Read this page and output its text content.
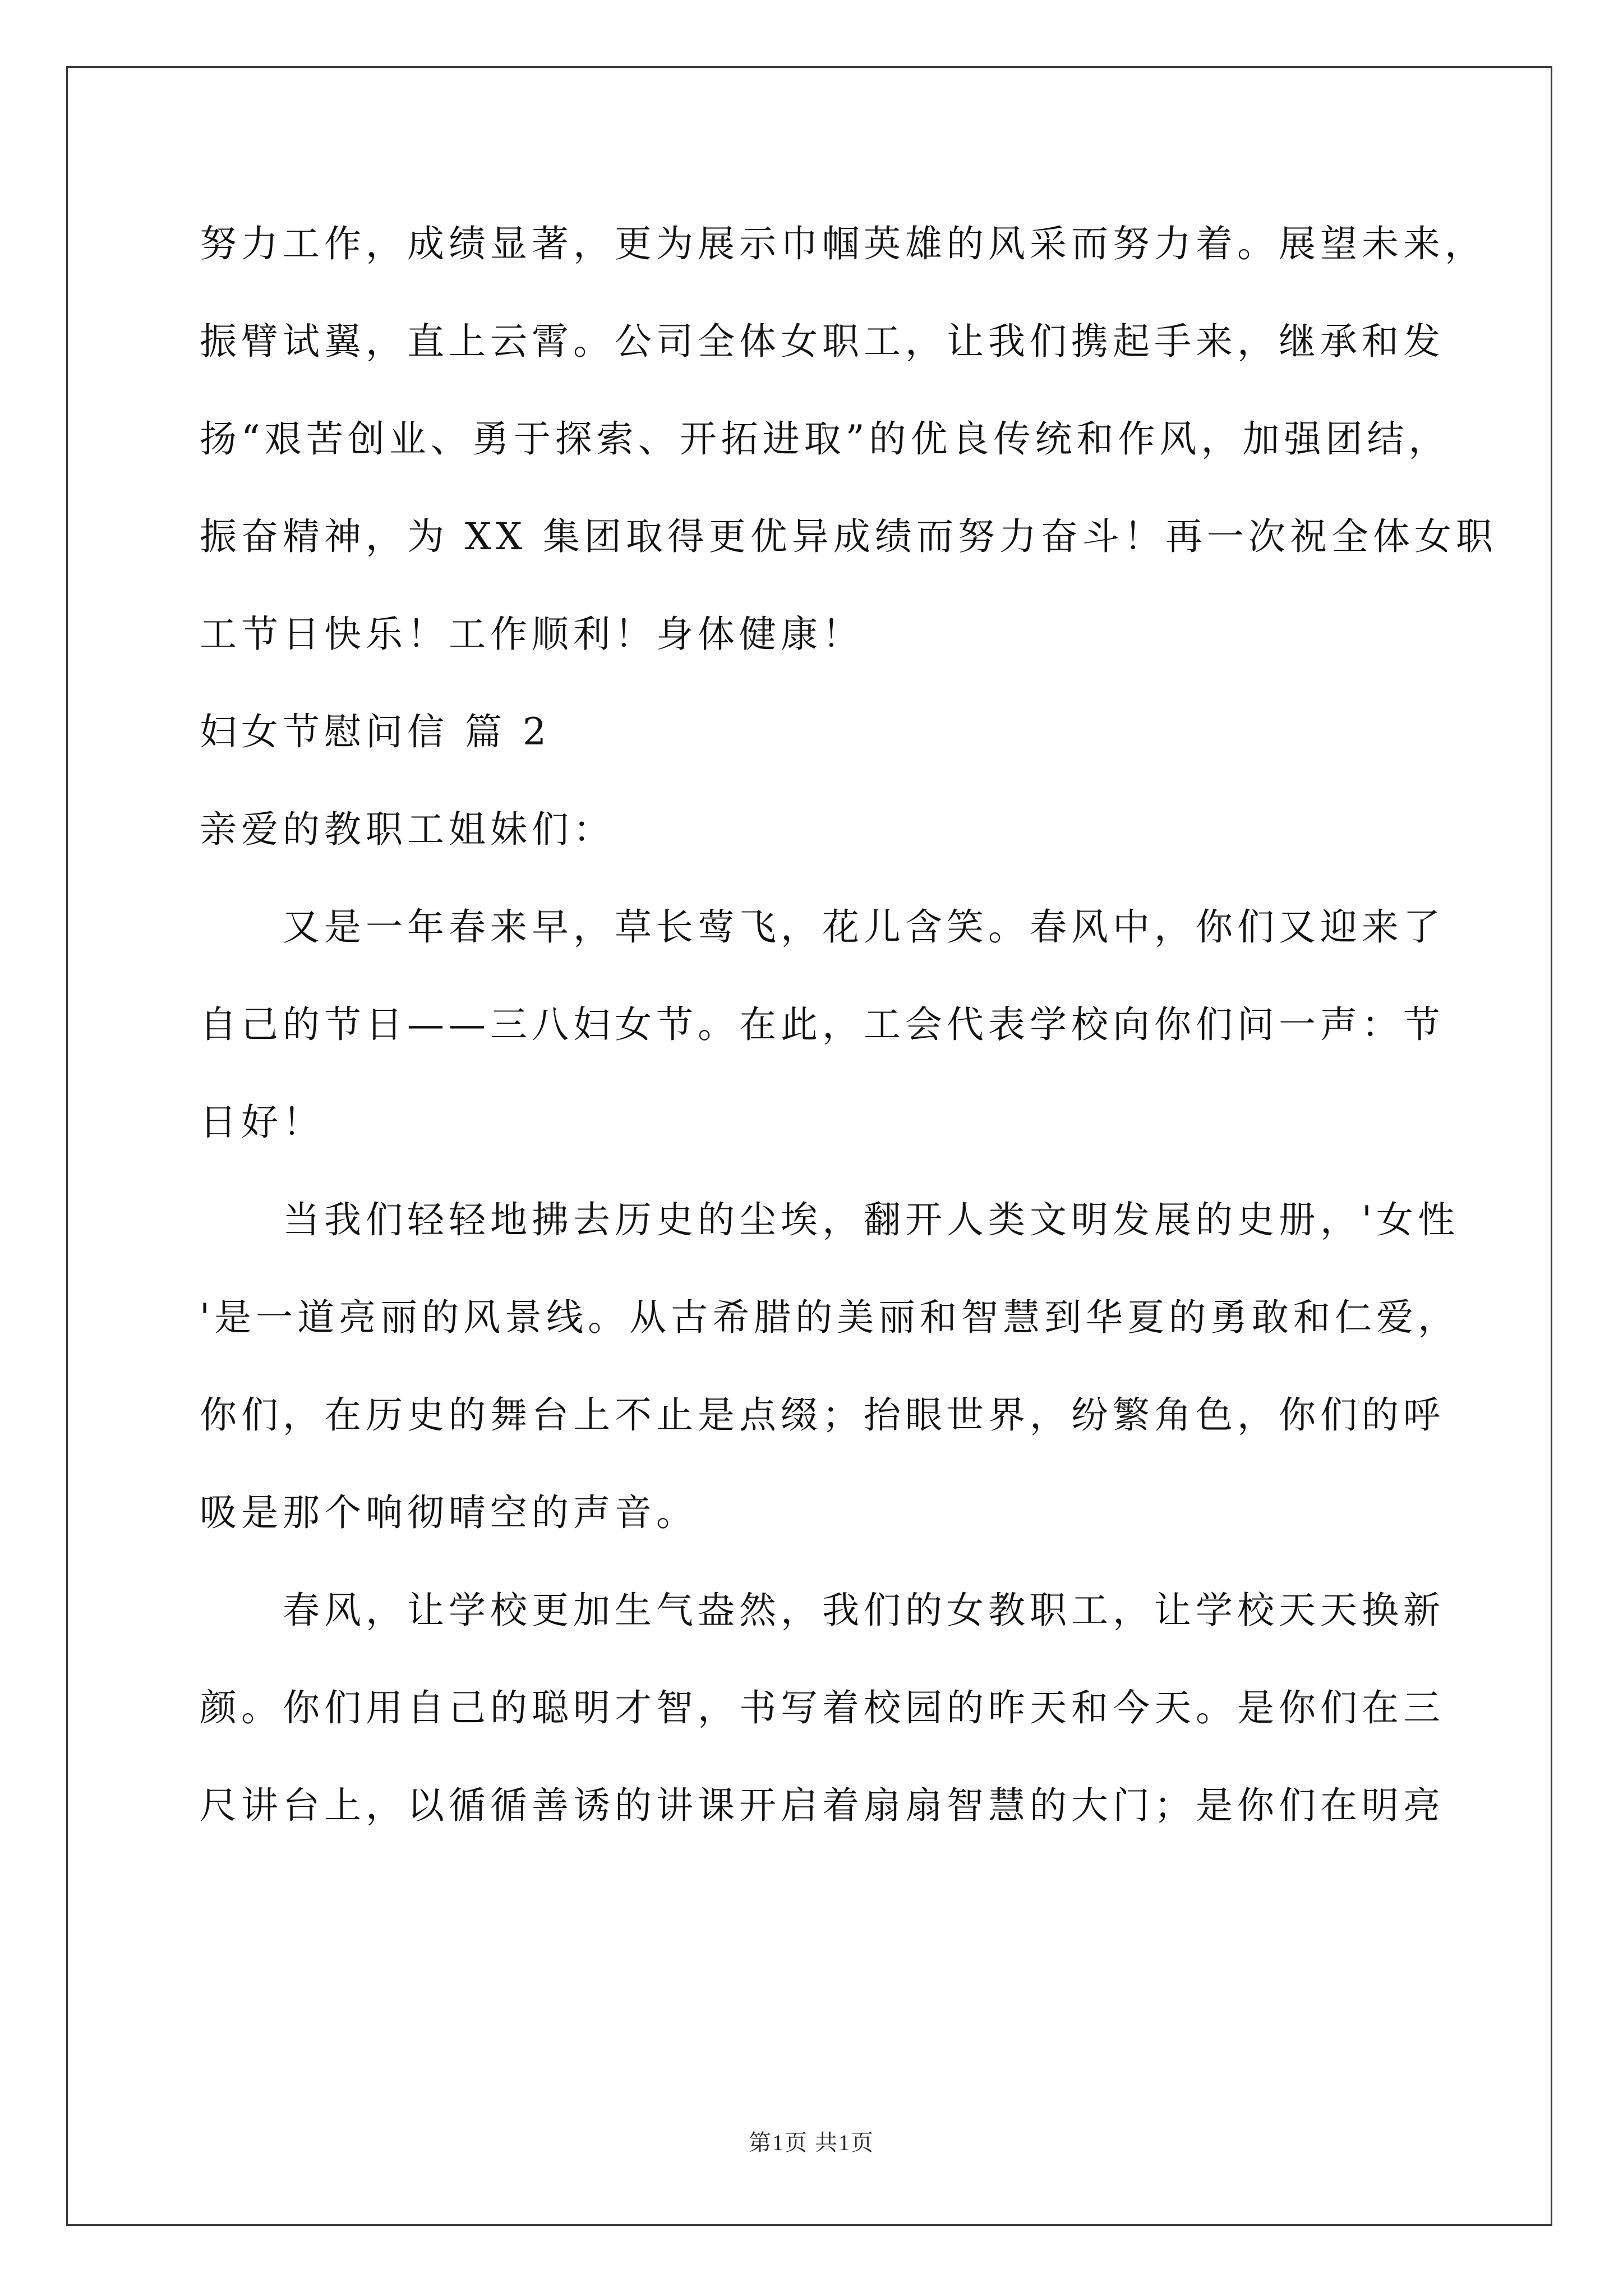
努力工作，成绩显著，更为展示巾帼英雄的风采而努力着。展望未来，
振臂试翼，直上云霄。公司全体女职工，让我们携起手来，继承和发
扬“艰苦创业、勇于探索、开拓进取”的优良传统和作风，加强团结，
振奋精神，为 XX 集团取得更优异成绩而努力奋斗！再一次祝全体女职
工节日快乐！工作顺利！身体健康！
妇女节慰问信 篇 2
亲爱的教职工姐妹们：
又是一年春来早，草长莺飞，花儿含笑。春风中，你们又迎来了
自己的节日——三八妇女节。在此，工会代表学校向你们问一声：节
日好！
当我们轻轻地拂去历史的尘埃，翻开人类文明发展的史册，'女性
'是一道亮丽的风景线。从古希腊的美丽和智慧到华夏的勇敢和仁爱，
你们，在历史的舞台上不止是点缀；抬眼世界，纷繁角色，你们的呼
吸是那个响彻晴空的声音。
春风，让学校更加生气盎然，我们的女教职工，让学校天天换新
颜。你们用自己的聪明才智，书写着校园的昨天和今天。是你们在三
尺讲台上，以循循善诱的讲课开启着扇扇智慧的大门；是你们在明亮
第1页 共1页
